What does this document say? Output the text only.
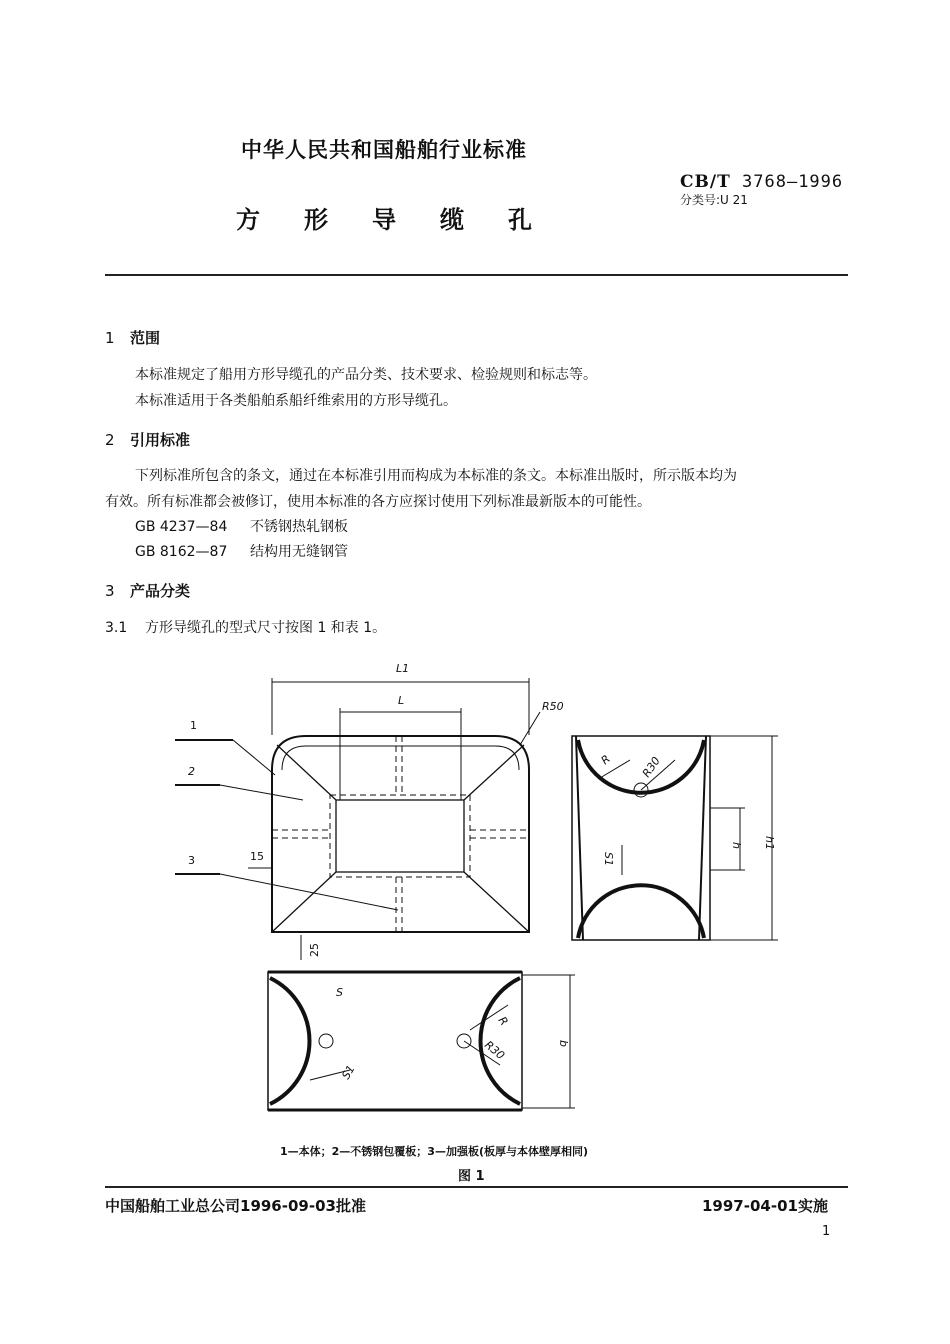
中华人民共和国船舶行业标准
CB/T 3768—1996
分类号:U 21
方形导缆孔
1 范围
本标准规定了船用方形导缆孔的产品分类、技术要求、检验规则和标志等。
本标准适用于各类船舶系船纤维索用的方形导缆孔。
2 引用标准
下列标准所包含的条文，通过在本标准引用而构成为本标准的条文。本标准出版时，所示版本均为
有效。所有标准都会被修订，使用本标准的各方应探讨使用下列标准最新版本的可能性。
GB 4237—84 不锈钢热轧钢板
GB 8162—87 结构用无缝钢管
3 产品分类
3.1 方形导缆孔的型式尺寸按图 1 和表 1。
L1
L	R50
1
2
3	15
25
R R30
h h1
S1
S
S1
R
R30	b
1—本体；2—不锈钢包覆板；3—加强板(板厚与本体壁厚相同)
图 1
中国船舶工业总公司1996-09-03批准	1997-04-01实施
1
